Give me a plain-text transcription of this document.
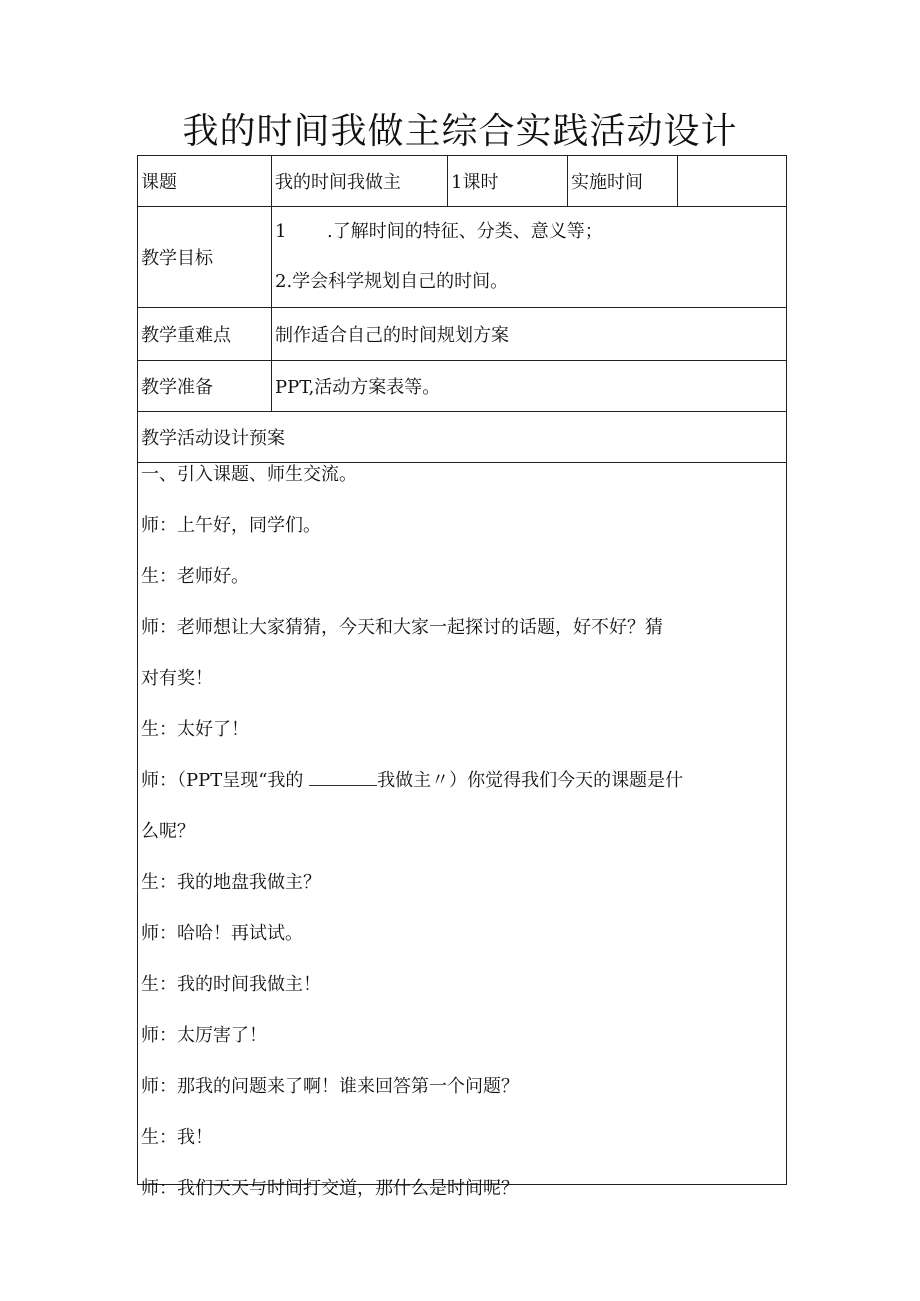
我的时间我做主综合实践活动设计
课题	我的时间我做主	1课时	实施时间	
教学目标	1 .了解时间的特征、分类、意义等；
2.学会科学规划自己的时间。			

教学重难点	制作适合自己的时间规划方案			
教学准备	PPT,活动方案表等。			
教学活动设计预案				
一、引入课题、师生交流。
师：上午好，同学们。
生：老师好。
师：老师想让大家猜猜，今天和大家一起探讨的话题，好不好？猜
对有奖！
生：太好了！
师：（PPT呈现“我的	我做主〃）你觉得我们今天的课题是什
么呢？
生：我的地盘我做主？
师：哈哈！再试试。
生：我的时间我做主！
师：太厉害了！
师：那我的问题来了啊！谁来回答第一个问题？
生：我！
师：我们天天与时间打交道，那什么是时间呢？
